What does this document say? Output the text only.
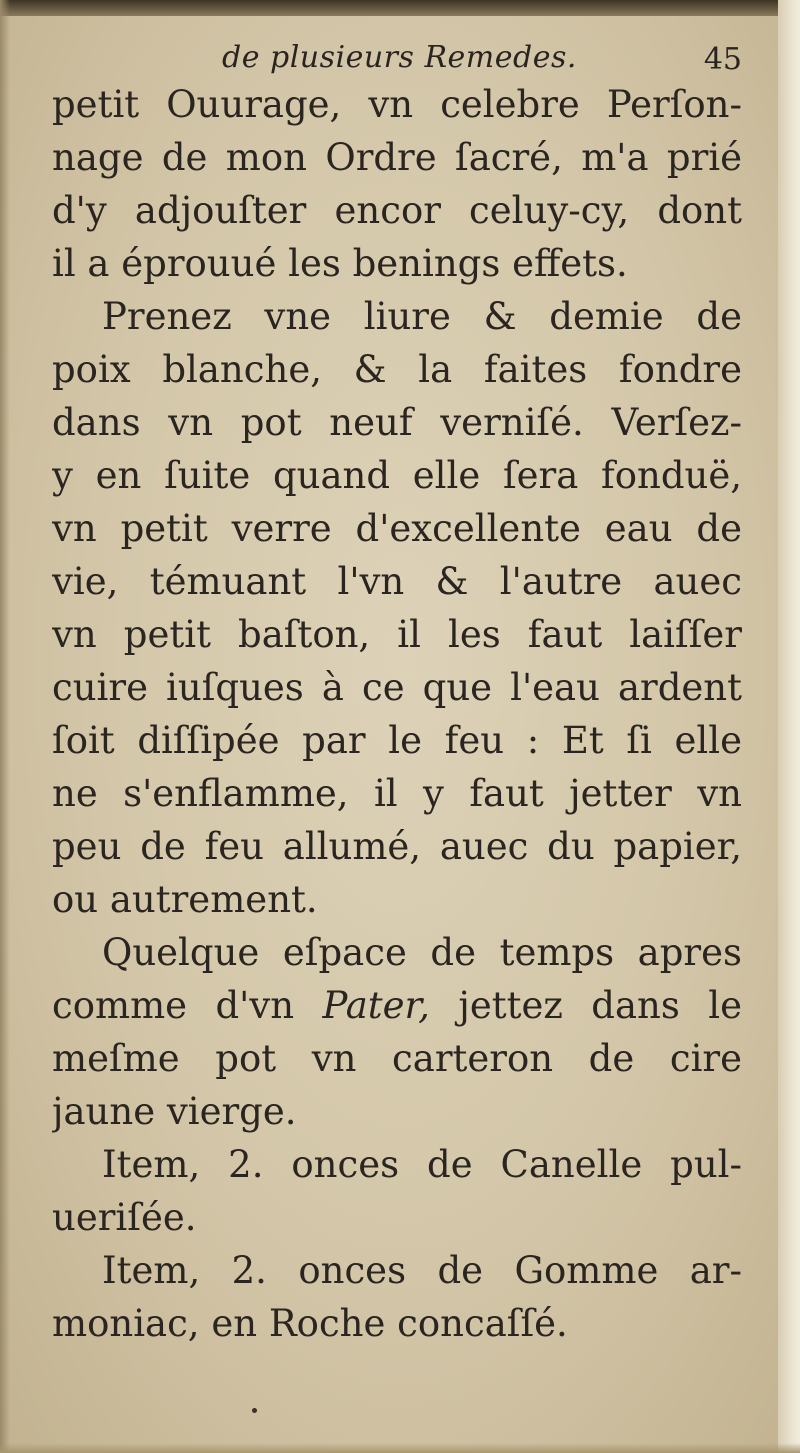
de plusieurs Remedes.	45
petit Ouurage, vn celebre Perſon-
nage de mon Ordre ſacré, m'a prié
d'y adjouſter encor celuy-cy, dont
il a éprouué les benings effets.
Prenez vne liure & demie de
poix blanche, & la faites fondre
dans vn pot neuf verniſé. Verſez-
y en ſuite quand elle ſera fonduë,
vn petit verre d'excellente eau de
vie, témuant l'vn & l'autre auec
vn petit baſton, il les faut laiſſer
cuire iuſques à ce que l'eau ardent
ſoit diſſipée par le feu : Et ſi elle
ne s'enflamme, il y faut jetter vn
peu de feu allumé, auec du papier,
ou autrement.
Quelque eſpace de temps apres
comme d'vn Pater, jettez dans le
meſme pot vn carteron de cire
jaune vierge.
Item, 2. onces de Canelle pul-
ueriſée.
Item, 2. onces de Gomme ar-
moniac, en Roche concaſſé.
